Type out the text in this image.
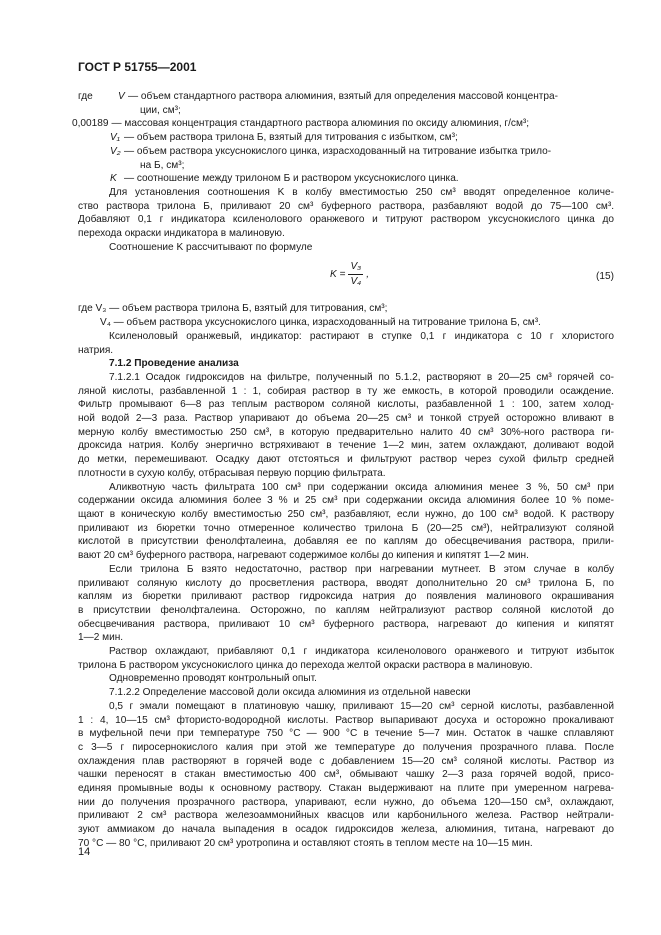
ГОСТ Р 51755—2001
где	V — объем стандартного раствора алюминия, взятый для определения массовой концентра-
ции, см³;
0,00189 — массовая концентрация стандартного раствора алюминия по оксиду алюминия, г/см³;
V₁ — объем раствора трилона Б, взятый для титрования с избытком, см³;
V₂ — объем раствора уксуснокислого цинка, израсходованный на титрование избытка трило-
на Б, см³;
K — соотношение между трилоном Б и раствором уксуснокислого цинка.
Для установления соотношения K в колбу вместимостью 250 см³ вводят определенное количе-
ство раствора трилона Б, приливают 20 см³ буферного раствора, разбавляют водой до 75—100 см³.
Добавляют 0,1 г индикатора ксиленолового оранжевого и титруют раствором уксуснокислого цинка до
перехода окраски индикатора в малиновую.
Соотношение K рассчитывают по формуле
$K = \frac{\text{V₃}}{\text{V₄}}$ ,	(15)
где V₃ — объем раствора трилона Б, взятый для титрования, см³;
V₄ — объем раствора уксуснокислого цинка, израсходованный на титрование трилона Б, см³.
Ксиленоловый оранжевый, индикатор: растирают в ступке 0,1 г индикатора с 10 г хлористого
натрия.
7.1.2 Проведение анализа
7.1.2.1 Осадок гидроксидов на фильтре, полученный по 5.1.2, растворяют в 20—25 см³ горячей со-
ляной кислоты, разбавленной 1 : 1, собирая раствор в ту же емкость, в которой проводили осаждение.
Фильтр промывают 6—8 раз теплым раствором соляной кислоты, разбавленной 1 : 100, затем холод-
ной водой 2—3 раза. Раствор упаривают до объема 20—25 см³ и тонкой струей осторожно вливают в
мерную колбу вместимостью 250 см³, в которую предварительно налито 40 см³ 30%-ного раствора ги-
дроксида натрия. Колбу энергично встряхивают в течение 1—2 мин, затем охлаждают, доливают водой
до метки, перемешивают. Осадку дают отстояться и фильтруют раствор через сухой фильтр средней
плотности в сухую колбу, отбрасывая первую порцию фильтрата.
Аликвотную часть фильтрата 100 см³ при содержании оксида алюминия менее 3 %, 50 см³ при
содержании оксида алюминия более 3 % и 25 см³ при содержании оксида алюминия более 10 % поме-
щают в коническую колбу вместимостью 250 см³, разбавляют, если нужно, до 100 см³ водой. К раствору
приливают из бюретки точно отмеренное количество трилона Б (20—25 см³), нейтрализуют соляной
кислотой в присутствии фенолфталеина, добавляя ее по каплям до обесцвечивания раствора, прили-
вают 20 см³ буферного раствора, нагревают содержимое колбы до кипения и кипятят 1—2 мин.
Если трилона Б взято недостаточно, раствор при нагревании мутнеет. В этом случае в колбу
приливают соляную кислоту до просветления раствора, вводят дополнительно 20 см³ трилона Б, по
каплям из бюретки приливают раствор гидроксида натрия до появления малинового окрашивания
в присутствии фенолфталеина. Осторожно, по каплям нейтрализуют раствор соляной кислотой до
обесцвечивания раствора, приливают 10 см³ буферного раствора, нагревают до кипения и кипятят
1—2 мин.
Раствор охлаждают, прибавляют 0,1 г индикатора ксиленолового оранжевого и титруют избыток
трилона Б раствором уксуснокислого цинка до перехода желтой окраски раствора в малиновую.
Одновременно проводят контрольный опыт.
7.1.2.2 Определение массовой доли оксида алюминия из отдельной навески
0,5 г эмали помещают в платиновую чашку, приливают 15—20 см³ серной кислоты, разбавленной
1 : 4, 10—15 см³ фтористо-водородной кислоты. Раствор выпаривают досуха и осторожно прокаливают
в муфельной печи при температуре 750 °С — 900 °С в течение 5—7 мин. Остаток в чашке сплавляют
с 3—5 г пиросернокислого калия при этой же температуре до получения прозрачного плава. После
охлаждения плав растворяют в горячей воде с добавлением 15—20 см³ соляной кислоты. Раствор из
чашки переносят в стакан вместимостью 400 см³, обмывают чашку 2—3 раза горячей водой, присо-
единяя промывные воды к основному раствору. Стакан выдерживают на плите при умеренном нагрева-
нии до получения прозрачного раствора, упаривают, если нужно, до объема 120—150 см³, охлаждают,
приливают 2 см³ раствора железоаммонийных квасцов или карбонильного железа. Раствор нейтрали-
зуют аммиаком до начала выпадения в осадок гидроксидов железа, алюминия, титана, нагревают до
70 °С — 80 °С, приливают 20 см³ уротропина и оставляют стоять в теплом месте на 10—15 мин.
14
